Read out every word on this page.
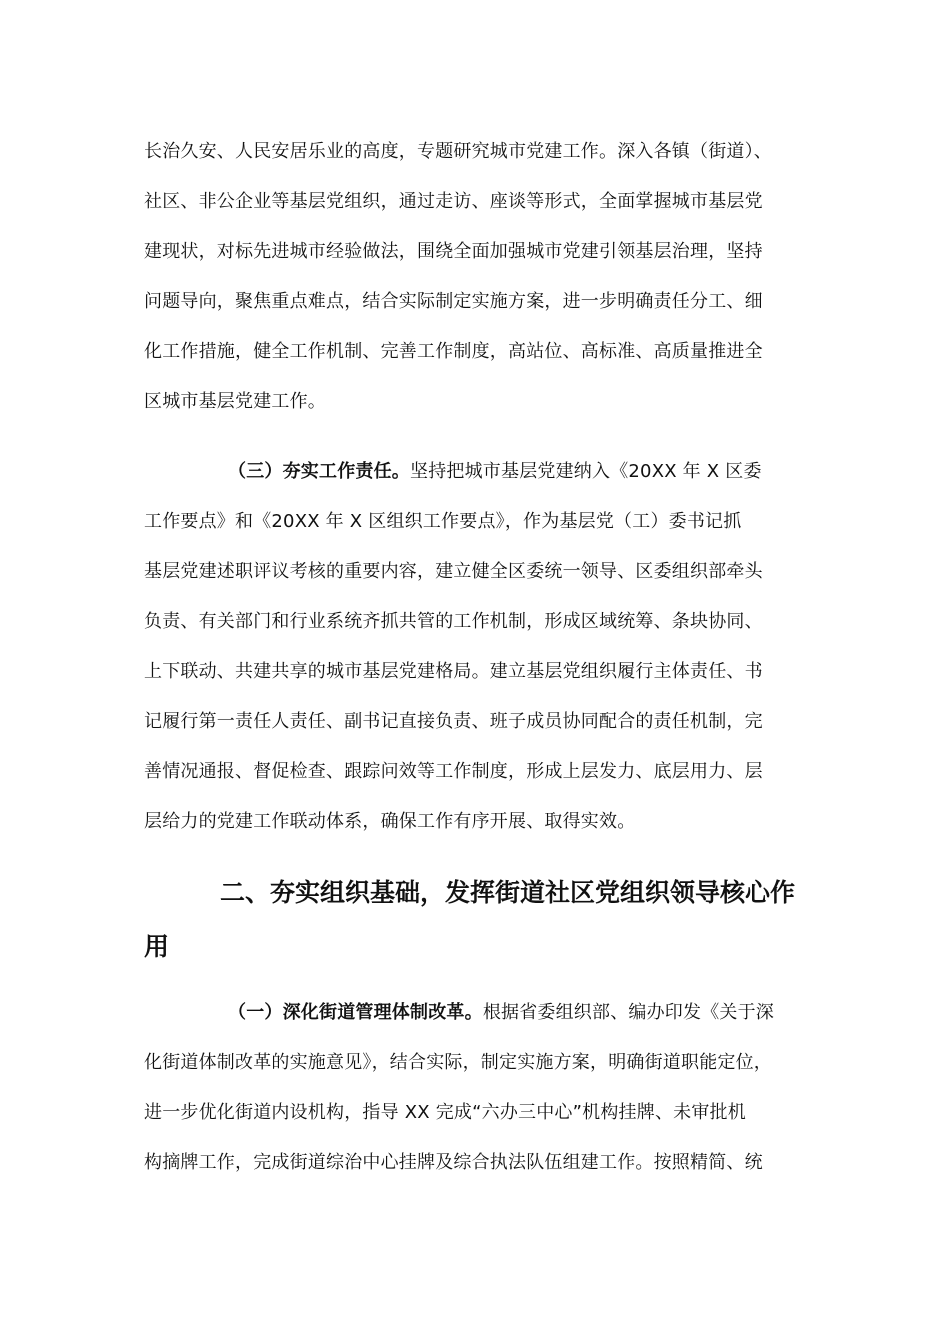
长治久安、人民安居乐业的高度，专题研究城市党建工作。深入各镇（街道）、
社区、非公企业等基层党组织，通过走访、座谈等形式，全面掌握城市基层党
建现状，对标先进城市经验做法，围绕全面加强城市党建引领基层治理，坚持
问题导向，聚焦重点难点，结合实际制定实施方案，进一步明确责任分工、细
化工作措施，健全工作机制、完善工作制度，高站位、高标准、高质量推进全
区城市基层党建工作。
（三）夯实工作责任。坚持把城市基层党建纳入《20XX 年 X 区委
工作要点》和《20XX 年 X 区组织工作要点》，作为基层党（工）委书记抓
基层党建述职评议考核的重要内容，建立健全区委统一领导、区委组织部牵头
负责、有关部门和行业系统齐抓共管的工作机制，形成区域统筹、条块协同、
上下联动、共建共享的城市基层党建格局。建立基层党组织履行主体责任、书
记履行第一责任人责任、副书记直接负责、班子成员协同配合的责任机制，完
善情况通报、督促检查、跟踪问效等工作制度，形成上层发力、底层用力、层
层给力的党建工作联动体系，确保工作有序开展、取得实效。
二、夯实组织基础，发挥街道社区党组织领导核心作
用
（一）深化街道管理体制改革。根据省委组织部、编办印发《关于深
化街道体制改革的实施意见》，结合实际，制定实施方案，明确街道职能定位，
进一步优化街道内设机构，指导 XX 完成“六办三中心”机构挂牌、未审批机
构摘牌工作，完成街道综治中心挂牌及综合执法队伍组建工作。按照精简、统
